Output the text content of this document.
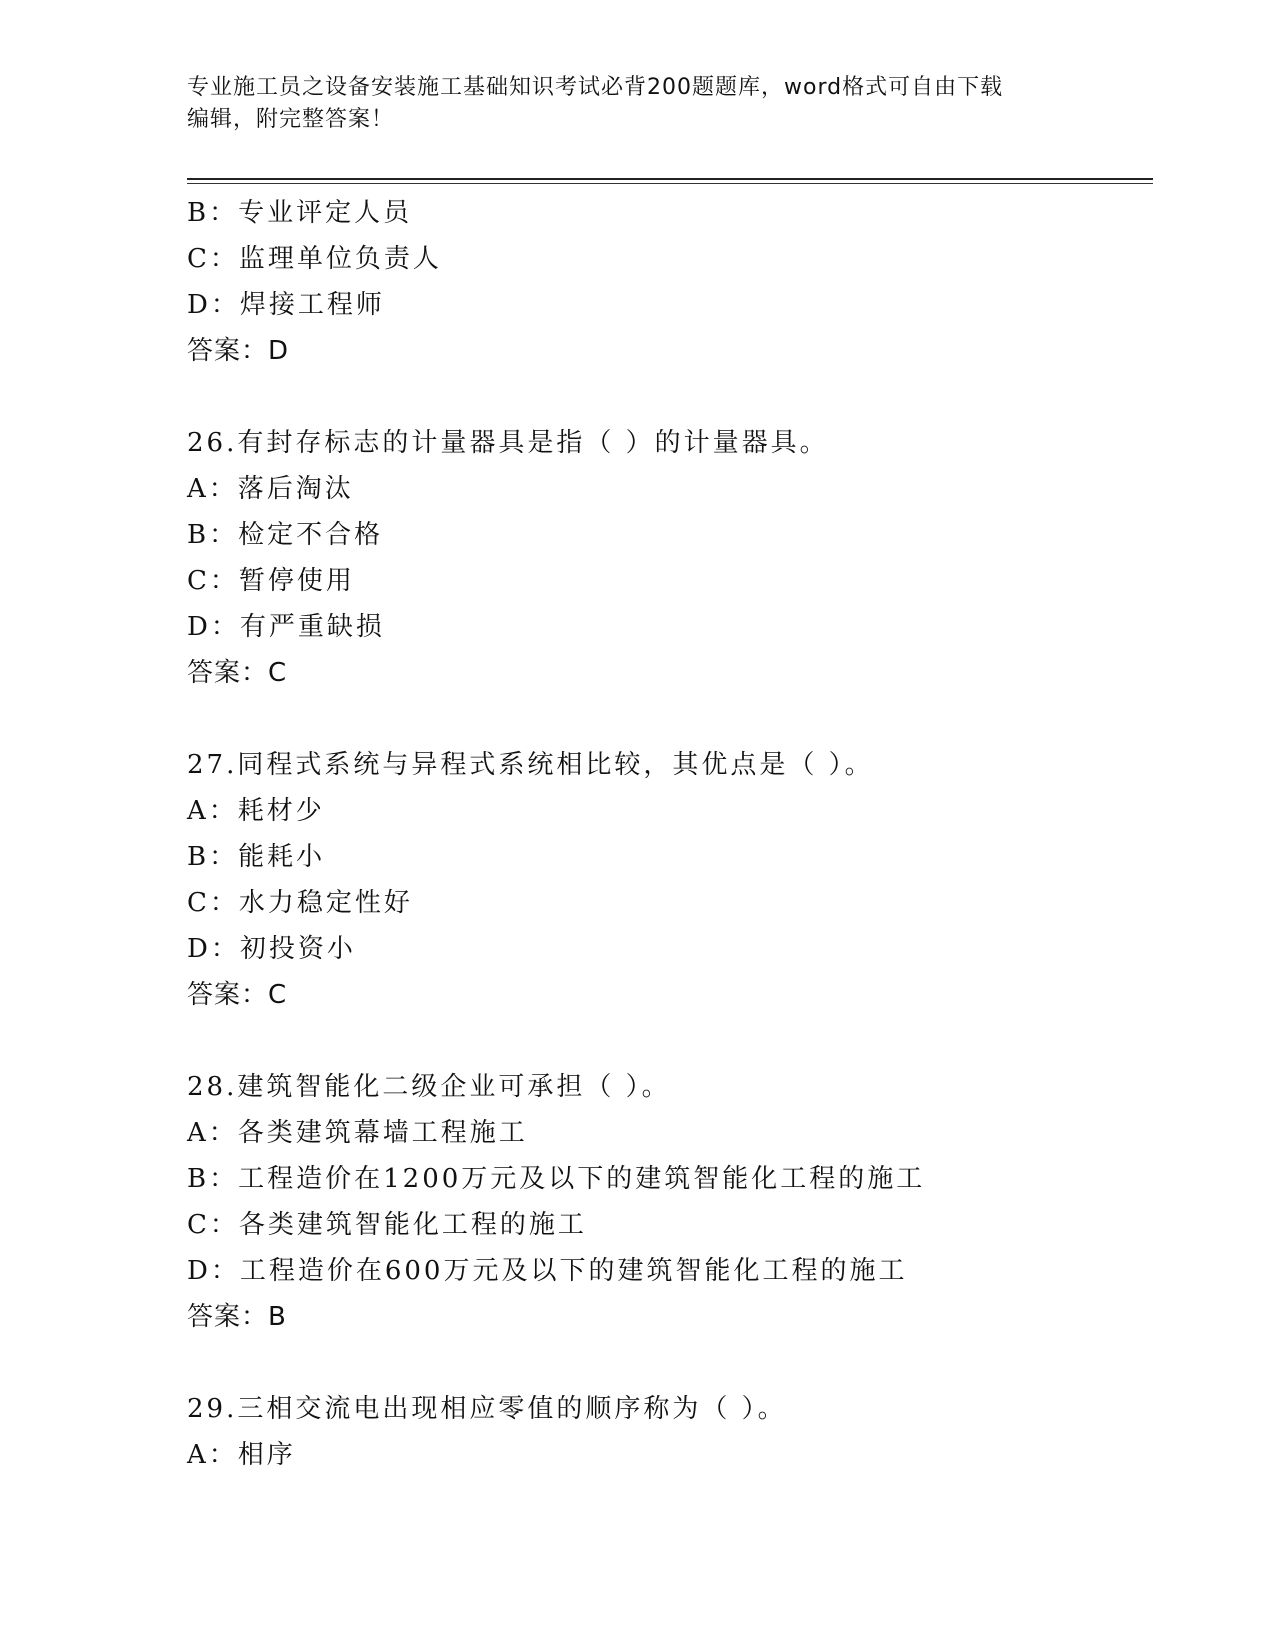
专业施工员之设备安装施工基础知识考试必背200题题库，word格式可自由下载
编辑，附完整答案！
B：专业评定人员
C：监理单位负责人
D：焊接工程师
答案：D
26.有封存标志的计量器具是指（ ）的计量器具。
A：落后淘汰
B：检定不合格
C：暂停使用
D：有严重缺损
答案：C
27.同程式系统与异程式系统相比较，其优点是（ ）。
A：耗材少
B：能耗小
C：水力稳定性好
D：初投资小
答案：C
28.建筑智能化二级企业可承担（ ）。
A：各类建筑幕墙工程施工
B：工程造价在1200万元及以下的建筑智能化工程的施工
C：各类建筑智能化工程的施工
D：工程造价在600万元及以下的建筑智能化工程的施工
答案：B
29.三相交流电出现相应零值的顺序称为（ ）。
A：相序
